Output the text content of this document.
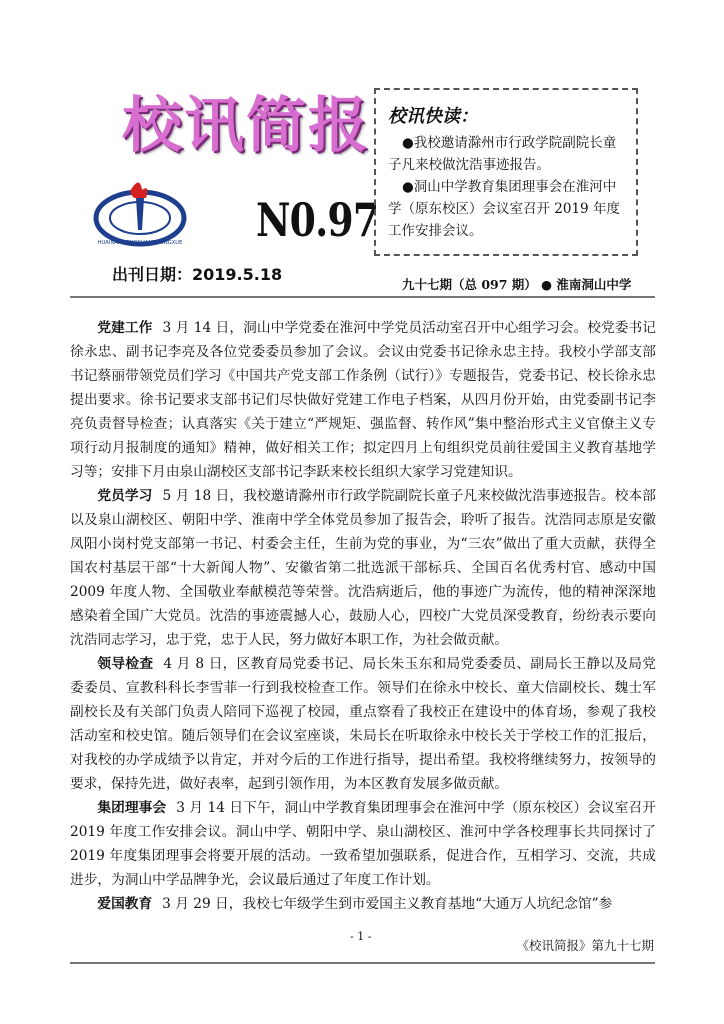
校讯简报
HUAINANDONGSHANZHONGXUE N0.97
出刊日期：2019.5.18
校讯快读：
●我校邀请滁州市行政学院副院长童子凡来校做沈浩事迹报告。
●洞山中学教育集团理事会在淮河中学（原东校区）会议室召开 2019 年度工作安排会议。
九十七期（总 097 期） ● 淮南洞山中学

党建工作 3 月 14 日，洞山中学党委在淮河中学党员活动室召开中心组学习会。校党委书记徐永忠、副书记李亮及各位党委委员参加了会议。会议由党委书记徐永忠主持。我校小学部支部书记蔡丽带领党员们学习《中国共产党支部工作条例（试行）》专题报告，党委书记、校长徐永忠提出要求。徐书记要求支部书记们尽快做好党建工作电子档案，从四月份开始，由党委副书记李亮负责督导检查；认真落实《关于建立“严规矩、强监督、转作风”集中整治形式主义官僚主义专项行动月报制度的通知》精神，做好相关工作；拟定四月上旬组织党员前往爱国主义教育基地学习等；安排下月由泉山湖校区支部书记李跃来校长组织大家学习党建知识。

党员学习 5 月 18 日，我校邀请滁州市行政学院副院长童子凡来校做沈浩事迹报告。校本部以及泉山湖校区、朝阳中学、淮南中学全体党员参加了报告会，聆听了报告。沈浩同志原是安徽凤阳小岗村党支部第一书记、村委会主任，生前为党的事业，为“三农”做出了重大贡献，获得全国农村基层干部“十大新闻人物”、安徽省第二批选派干部标兵、全国百名优秀村官、感动中国 2009 年度人物、全国敬业奉献模范等荣誉。沈浩病逝后，他的事迹广为流传，他的精神深深地感染着全国广大党员。沈浩的事迹震撼人心，鼓励人心，四校广大党员深受教育，纷纷表示要向沈浩同志学习，忠于党，忠于人民，努力做好本职工作，为社会做贡献。

领导检查 4 月 8 日，区教育局党委书记、局长朱玉东和局党委委员、副局长王静以及局党委委员、宣教科科长李雪菲一行到我校检查工作。领导们在徐永中校长、童大信副校长、魏士军副校长及有关部门负责人陪同下巡视了校园，重点察看了我校正在建设中的体育场，参观了我校活动室和校史馆。随后领导们在会议室座谈，朱局长在听取徐永中校长关于学校工作的汇报后，对我校的办学成绩予以肯定，并对今后的工作进行指导，提出希望。我校将继续努力，按领导的要求，保持先进，做好表率，起到引领作用，为本区教育发展多做贡献。

集团理事会 3 月 14 日下午，洞山中学教育集团理事会在淮河中学（原东校区）会议室召开 2019 年度工作安排会议。洞山中学、朝阳中学、泉山湖校区、淮河中学各校理事长共同探讨了 2019 年度集团理事会将要开展的活动。一致希望加强联系，促进合作，互相学习、交流，共成进步，为洞山中学品牌争光，会议最后通过了年度工作计划。

爱国教育 3 月 29 日，我校七年级学生到市爱国主义教育基地“大通万人坑纪念馆”参

- 1 -
《校讯简报》第九十七期
